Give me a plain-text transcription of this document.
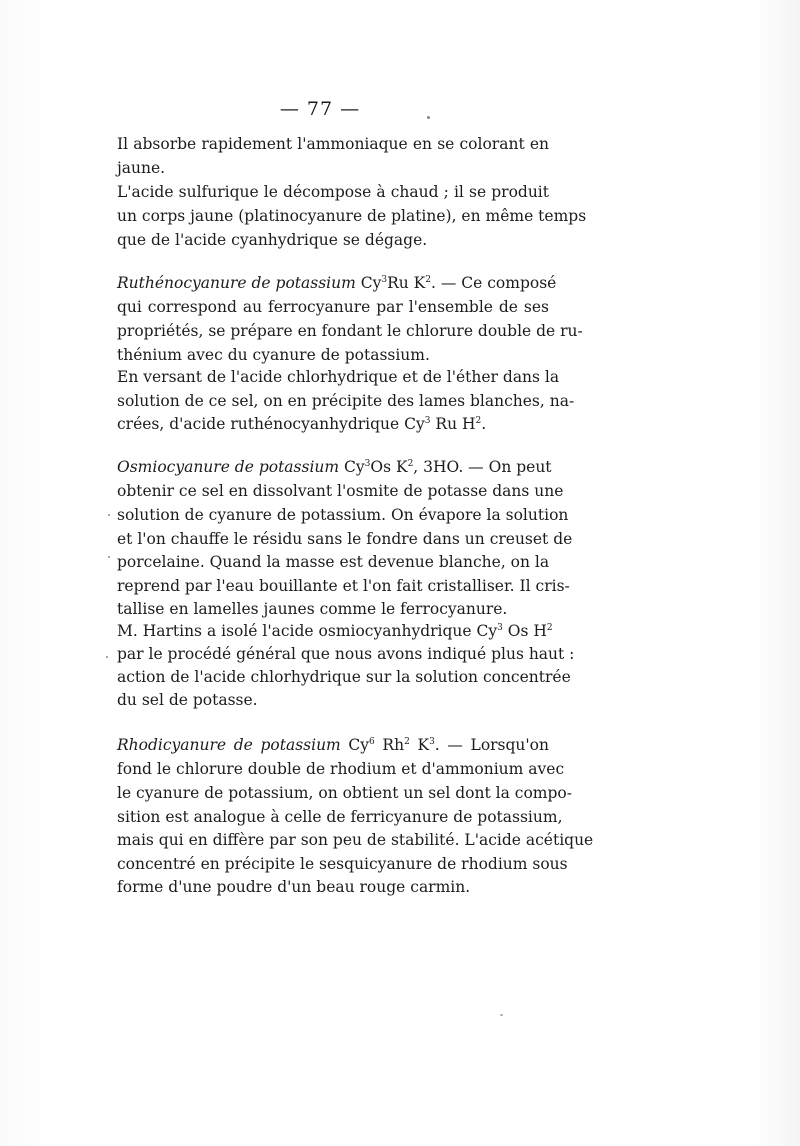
— 77 —
Il absorbe rapidement l'ammoniaque en se colorant en
jaune.
L'acide sulfurique le décompose à chaud ; il se produit
un corps jaune (platinocyanure de platine), en même temps
que de l'acide cyanhydrique se dégage.
Ruthénocyanure de potassium Cy$^3$Ru $K^2$. — Ce composé
qui correspond au ferrocyanure par l'ensemble de ses
propriétés, se prépare en fondant le chlorure double de ru-
thénium avec du cyanure de potassium.
En versant de l'acide chlorhydrique et de l'éther dans la
solution de ce sel, on en précipite des lames blanches, na-
crées, d'acide ruthénocyanhydrique Cy$^3$ Ru $H^2$.
Osmiocyanure de potassium Cy$^3$Os $K^2$, 3HO. — On peut
obtenir ce sel en dissolvant l'osmite de potasse dans une
solution de cyanure de potassium. On évapore la solution
et l'on chauffe le résidu sans le fondre dans un creuset de
porcelaine. Quand la masse est devenue blanche, on la
reprend par l'eau bouillante et l'on fait cristalliser. Il cris-
tallise en lamelles jaunes comme le ferrocyanure.
M. Hartins a isolé l'acide osmiocyanhydrique Cy$^3$ Os $H^2$
par le procédé général que nous avons indiqué plus haut :
action de l'acide chlorhydrique sur la solution concentrée
du sel de potasse.
Rhodicyanure de potassium Cy$^6$ Rh$^2$ $K^3$. — Lorsqu'on
fond le chlorure double de rhodium et d'ammonium avec
le cyanure de potassium, on obtient un sel dont la compo-
sition est analogue à celle de ferricyanure de potassium,
mais qui en diffère par son peu de stabilité. L'acide acétique
concentré en précipite le sesquicyanure de rhodium sous
forme d'une poudre d'un beau rouge carmin.
